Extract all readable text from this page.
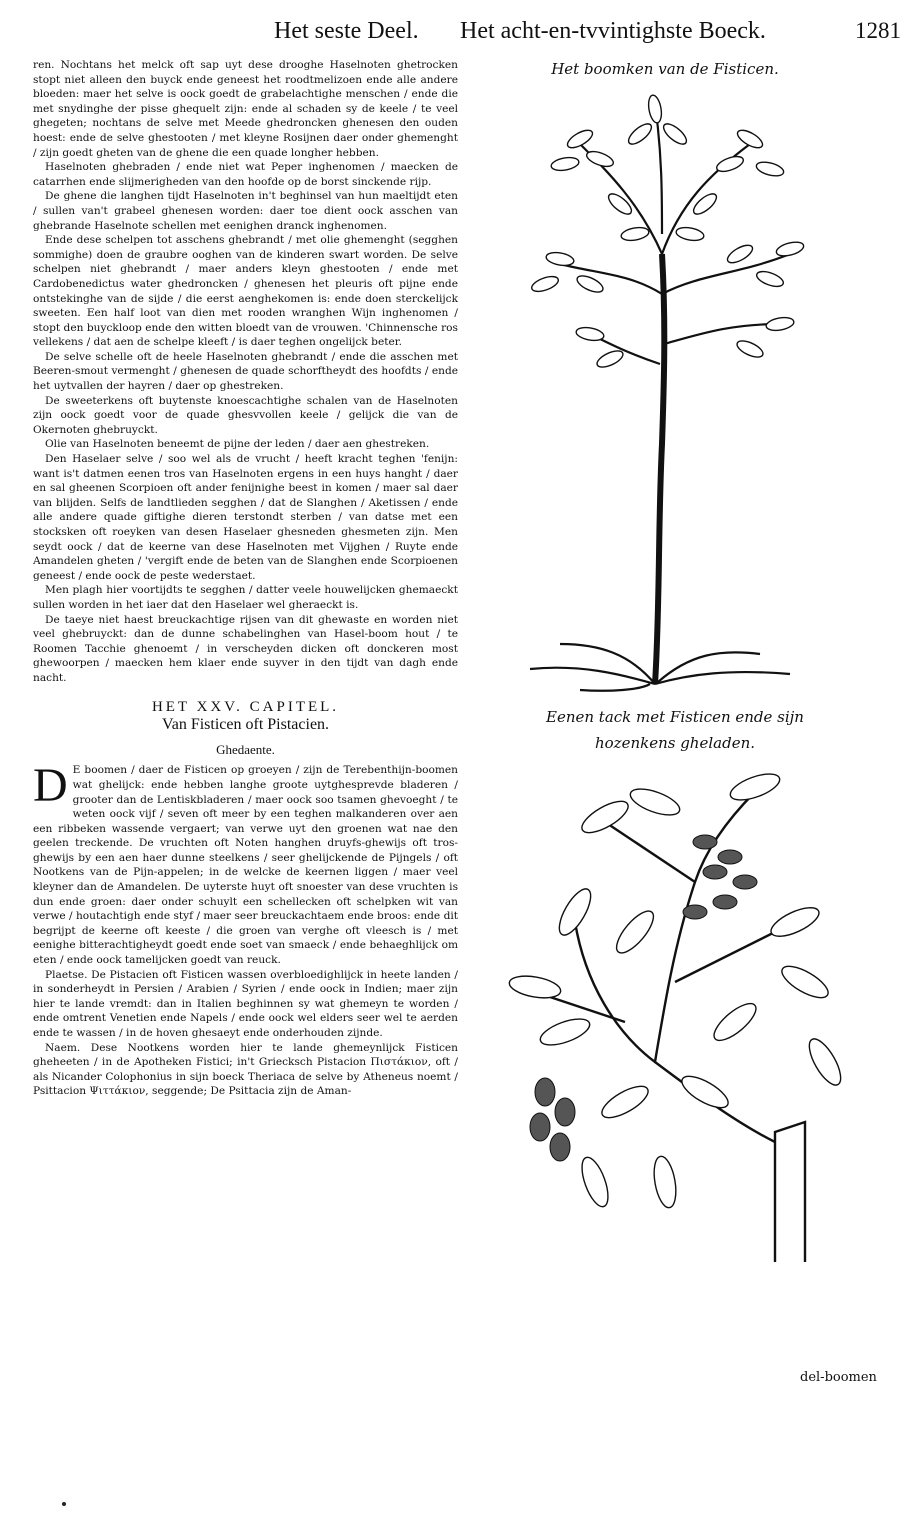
Het seste Deel. Het acht-en-tvvintighste Boeck.	1281

ren. Nochtans het melck oft sap uyt dese drooghe Haselnoten ghetrocken stopt niet alleen den buyck ende geneest het roodtmelizoen ende alle andere bloeden: maer het selve is oock goedt de grabelachtighe menschen / ende die met snydinghe der pisse ghequelt zijn: ende al schaden sy de keele / te veel ghegeten; nochtans de selve met Meede ghedroncken ghenesen den ouden hoest: ende de selve ghestooten / met kleyne Rosijnen daer onder ghemenght / zijn goedt gheten van de ghene die een quade longher hebben.

Haselnoten ghebraden / ende niet wat Peper inghenomen / maecken de catarrhen ende slijmerigheden van den hoofde op de borst sinckende rijp.

De ghene die langhen tijdt Haselnoten in't beghinsel van hun maeltijdt eten / sullen van't grabeel ghenesen worden: daer toe dient oock asschen van ghebrande Haselnote schellen met eenighen dranck inghenomen.

Ende dese schelpen tot asschens ghebrandt / met olie ghemenght (segghen sommighe) doen de graubre ooghen van de kinderen swart worden. De selve schelpen niet ghebrandt / maer anders kleyn ghestooten / ende met Cardobenedictus water ghedroncken / ghenesen het pleuris oft pijne ende ontstekinghe van de sijde / die eerst aenghekomen is: ende doen sterckelijck sweeten. Een half loot van dien met rooden wranghen Wijn inghenomen / stopt den buyckloop ende den witten bloedt van de vrouwen. 'Chinnensche ros vellekens / dat aen de schelpe kleeft / is daer teghen ongelijck beter.

De selve schelle oft de heele Haselnoten ghebrandt / ende die asschen met Beeren-smout vermenght / ghenesen de quade schorftheydt des hoofdts / ende het uytvallen der hayren / daer op ghestreken.

De sweeterkens oft buytenste knoescachtighe schalen van de Haselnoten zijn oock goedt voor de quade ghesvvollen keele / gelijck die van de Okernoten ghebruyckt.

Olie van Haselnoten beneemt de pijne der leden / daer aen ghestreken.

Den Haselaer selve / soo wel als de vrucht / heeft kracht teghen 'fenijn: want is't datmen eenen tros van Haselnoten ergens in een huys hanght / daer en sal gheenen Scorpioen oft ander fenijnighe beest in komen / maer sal daer van blijden. Selfs de landtlieden segghen / dat de Slanghen / Aketissen / ende alle andere quade giftighe dieren terstondt sterben / van datse met een stocksken oft roeyken van desen Haselaer ghesneden ghesmeten zijn. Men seydt oock / dat de keerne van dese Haselnoten met Vijghen / Ruyte ende Amandelen gheten / 'vergift ende de beten van de Slanghen ende Scorpioenen geneest / ende oock de peste wederstaet.

Men plagh hier voortijdts te segghen / datter veele houwelijcken ghemaeckt sullen worden in het iaer dat den Haselaer wel gheraeckt is.

De taeye niet haest breuckachtige rijsen van dit ghewaste en worden niet veel ghebruyckt: dan de dunne schabelinghen van Hasel-boom hout / te Roomen Tacchie ghenoemt / in verscheyden dicken oft donckeren most ghewoorpen / maecken hem klaer ende suyver in den tijdt van dagh ende nacht.

HET XXV. CAPITEL.
Van Fisticen oft Pistacien.
Ghedaente.

D E boomen / daer de Fisticen op groeyen / zijn de Terebenthijn-boomen wat ghelijck: ende hebben langhe groote uytghesprevde bladeren / grooter dan de Lentiskbladeren / maer oock soo tsamen ghevoeght / te weten oock vijf / seven oft meer by een teghen malkanderen over aen een ribbeken wassende vergaert; van verwe uyt den groenen wat nae den geelen treckende. De vruchten oft Noten hanghen druyfs-ghewijs oft tros-ghewijs by een aen haer dunne steelkens / seer ghelijckende de Pijngels / oft Nootkens van de Pijn-appelen; in de welcke de keernen liggen / maer veel kleyner dan de Amandelen. De uyterste huyt oft snoester van dese vruchten is dun ende groen: daer onder schuylt een schellecken oft schelpken wit van verwe / houtachtigh ende styf / maer seer breuckachtaem ende broos: ende dit begrijpt de keerne oft keeste / die groen van verghe oft vleesch is / met eenighe bitterachtigheydt goedt ende soet van smaeck / ende behaeghlijck om eten / ende oock tamelijcken goedt van reuck.

Plaetse. De Pistacien oft Fisticen wassen overbloedighlijck in heete landen / in sonderheydt in Persien / Arabien / Syrien / ende oock in Indien; maer zijn hier te lande vremdt: dan in Italien beghinnen sy wat ghemeyn te worden / ende omtrent Venetien ende Napels / ende oock wel elders seer wel te aerden ende te wassen / in de hoven ghesaeyt ende onderhouden zijnde.

Naem. Dese Nootkens worden hier te lande ghemeynlijck Fisticen gheheeten / in de Apotheken Fistici; in't Griecksch Pistacion Πιστάκιον, oft / als Nicander Colophonius in sijn boeck Theriaca de selve by Atheneus noemt / Psittacion Ψιττάκιον, seggende; De Psittacia zijn de Aman-

Het boomken van de Fisticen.
Eenen tack met Fisticen ende sijn
hozenkens gheladen.
del-boomen
